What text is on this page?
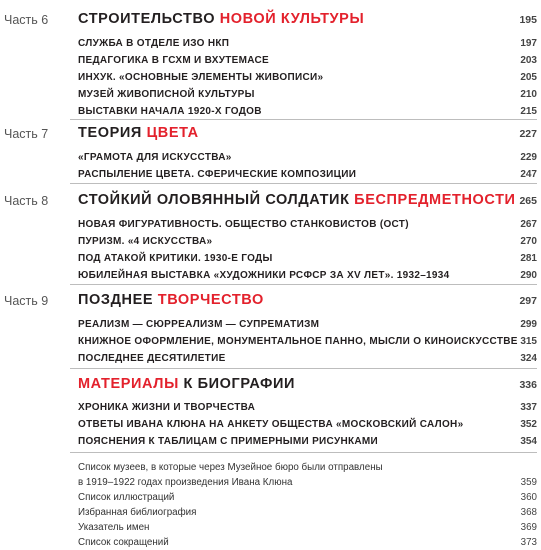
Часть 6 СТРОИТЕЛЬСТВО НОВОЙ КУЛЬТУРЫ	195
СЛУЖБА В ОТДЕЛЕ ИЗО НКП	197
ПЕДАГОГИКА В ГСХМ И ВХУТЕМАСЕ	203
ИНХУК. «ОСНОВНЫЕ ЭЛЕМЕНТЫ ЖИВОПИСИ»	205
МУЗЕЙ ЖИВОПИСНОЙ КУЛЬТУРЫ	210
ВЫСТАВКИ НАЧАЛА 1920-Х ГОДОВ	215
Часть 7 ТЕОРИЯ ЦВЕТА	227
«ГРАМОТА ДЛЯ ИСКУССТВА»	229
РАСПЫЛЕНИЕ ЦВЕТА. СФЕРИЧЕСКИЕ КОМПОЗИЦИИ	247
Часть 8 СТОЙКИЙ ОЛОВЯННЫЙ СОЛДАТИК БЕСПРЕДМЕТНОСТИ 265
НОВАЯ ФИГУРАТИВНОСТЬ. ОБЩЕСТВО СТАНКОВИСТОВ (ОСТ)	267
ПУРИЗМ. «4 ИСКУССТВА»	270
ПОД АТАКОЙ КРИТИКИ. 1930-Е ГОДЫ	281
ЮБИЛЕЙНАЯ ВЫСТАВКА «ХУДОЖНИКИ РСФСР ЗА XV ЛЕТ». 1932–1934	290
Часть 9 ПОЗДНЕЕ ТВОРЧЕСТВО	297
РЕАЛИЗМ — СЮРРЕАЛИЗМ — СУПРЕМАТИЗМ	299
КНИЖНОЕ ОФОРМЛЕНИЕ, МОНУМЕНТАЛЬНОЕ ПАННО, МЫСЛИ О КИНОИСКУССТВЕ 315
ПОСЛЕДНЕЕ ДЕСЯТИЛЕТИЕ	324
МАТЕРИАЛЫ К БИОГРАФИИ	336
ХРОНИКА ЖИЗНИ И ТВОРЧЕСТВА	337
ОТВЕТЫ ИВАНА КЛЮНА НА АНКЕТУ ОБЩЕСТВА «МОСКОВСКИЙ САЛОН»	352
ПОЯСНЕНИЯ К ТАБЛИЦАМ С ПРИМЕРНЫМИ РИСУНКАМИ	354
Список музеев, в которые через Музейное бюро были отправлены
в 1919–1922 годах произведения Ивана Клюна	359
Список иллюстраций	360
Избранная библиография	368
Указатель имен	369
Список сокращений	373
